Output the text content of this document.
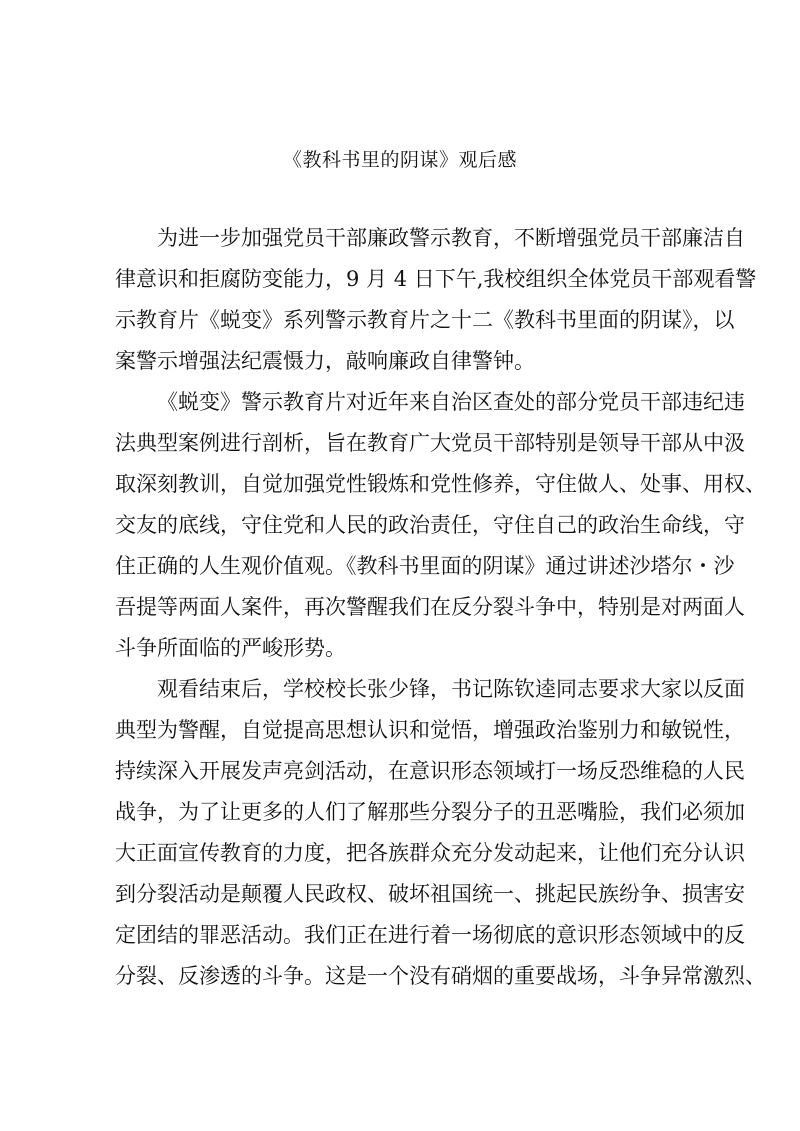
《教科书里的阴谋》观后感
为进一步加强党员干部廉政警示教育，不断增强党员干部廉洁自
律意识和拒腐防变能力，9 月 4 日下午,我校组织全体党员干部观看警
示教育片《蜕变》系列警示教育片之十二《教科书里面的阴谋》，以
案警示增强法纪震慑力，敲响廉政自律警钟。
《蜕变》警示教育片对近年来自治区查处的部分党员干部违纪违
法典型案例进行剖析，旨在教育广大党员干部特别是领导干部从中汲
取深刻教训，自觉加强党性锻炼和党性修养，守住做人、处事、用权、
交友的底线，守住党和人民的政治责任，守住自己的政治生命线，守
住正确的人生观价值观。《教科书里面的阴谋》通过讲述沙塔尔・沙
吾提等两面人案件，再次警醒我们在反分裂斗争中，特别是对两面人
斗争所面临的严峻形势。
观看结束后，学校校长张少锋，书记陈钦逵同志要求大家以反面
典型为警醒，自觉提高思想认识和觉悟，增强政治鉴别力和敏锐性，
持续深入开展发声亮剑活动，在意识形态领域打一场反恐维稳的人民
战争，为了让更多的人们了解那些分裂分子的丑恶嘴脸，我们必须加
大正面宣传教育的力度，把各族群众充分发动起来，让他们充分认识
到分裂活动是颠覆人民政权、破坏祖国统一、挑起民族纷争、损害安
定团结的罪恶活动。我们正在进行着一场彻底的意识形态领域中的反
分裂、反渗透的斗争。这是一个没有硝烟的重要战场，斗争异常激烈、
